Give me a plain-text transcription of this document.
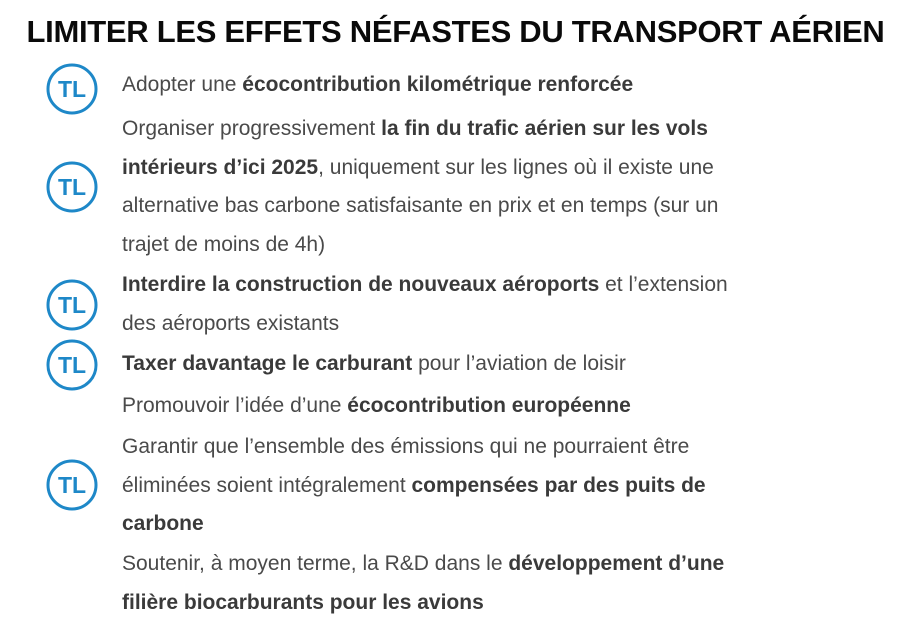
LIMITER LES EFFETS NÉFASTES DU TRANSPORT AÉRIEN
TL
TL
TL
TL
TL
Adopter une écocontribution kilométrique renforcée
Organiser progressivement la fin du trafic aérien sur les vols intérieurs d’ici 2025, uniquement sur les lignes où il existe une alternative bas carbone satisfaisante en prix et en temps (sur un trajet de moins de 4h)
Interdire la construction de nouveaux aéroports et l’extension des aéroports existants
Taxer davantage le carburant pour l’aviation de loisir
Promouvoir l’idée d’une écocontribution européenne
Garantir que l’ensemble des émissions qui ne pourraient être éliminées soient intégralement compensées par des puits de carbone
Soutenir, à moyen terme, la R&D dans le développement d’une filière biocarburants pour les avions
